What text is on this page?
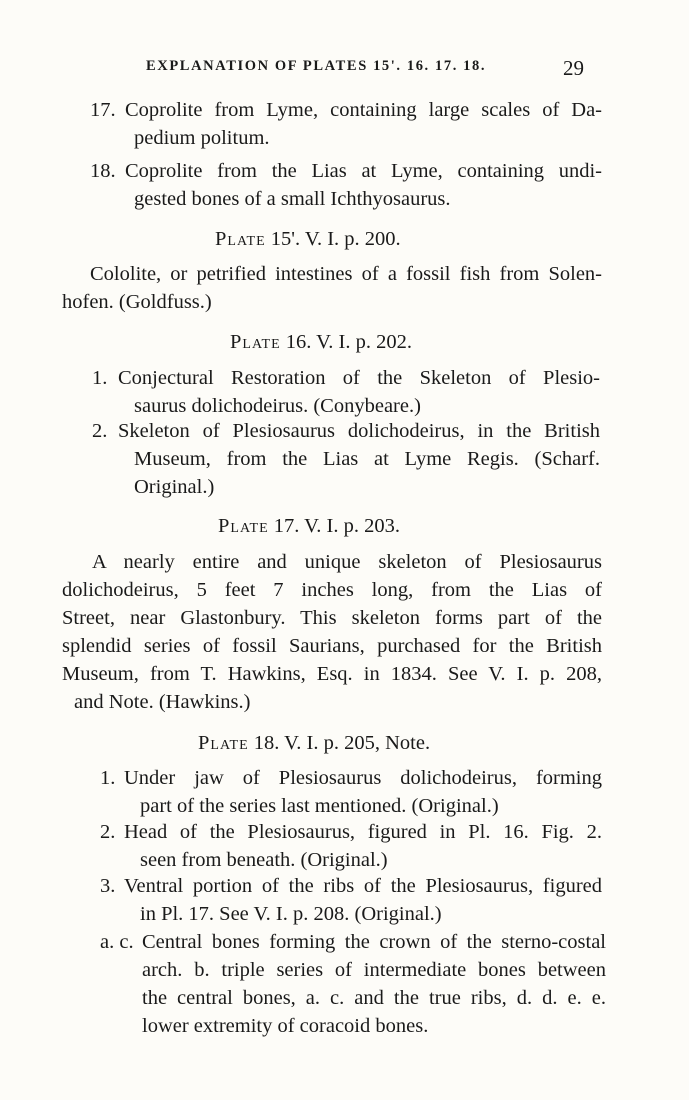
EXPLANATION OF PLATES 15'. 16. 17. 18.	29
17. Coprolite from Lyme, containing large scales of Da-
pedium politum.
18. Coprolite from the Lias at Lyme, containing undi-
gested bones of a small Ichthyosaurus.
Plate 15'. V. I. p. 200.
Cololite, or petrified intestines of a fossil fish from Solen-
hofen. (Goldfuss.)
Plate 16. V. I. p. 202.
1. Conjectural Restoration of the Skeleton of Plesio-
saurus dolichodeirus. (Conybeare.)
2. Skeleton of Plesiosaurus dolichodeirus, in the British
Museum, from the Lias at Lyme Regis. (Scharf.
Original.)
Plate 17. V. I. p. 203.
A nearly entire and unique skeleton of Plesiosaurus
dolichodeirus, 5 feet 7 inches long, from the Lias of
Street, near Glastonbury. This skeleton forms part of the
splendid series of fossil Saurians, purchased for the British
Museum, from T. Hawkins, Esq. in 1834. See V. I. p. 208,
and Note. (Hawkins.)
Plate 18. V. I. p. 205, Note.
1. Under jaw of Plesiosaurus dolichodeirus, forming
part of the series last mentioned. (Original.)
2. Head of the Plesiosaurus, figured in Pl. 16. Fig. 2.
seen from beneath. (Original.)
3. Ventral portion of the ribs of the Plesiosaurus, figured
in Pl. 17. See V. I. p. 208. (Original.)
a. c. Central bones forming the crown of the sterno-costal
arch. b. triple series of intermediate bones between
the central bones, a. c. and the true ribs, d. d. e. e.
lower extremity of coracoid bones.
